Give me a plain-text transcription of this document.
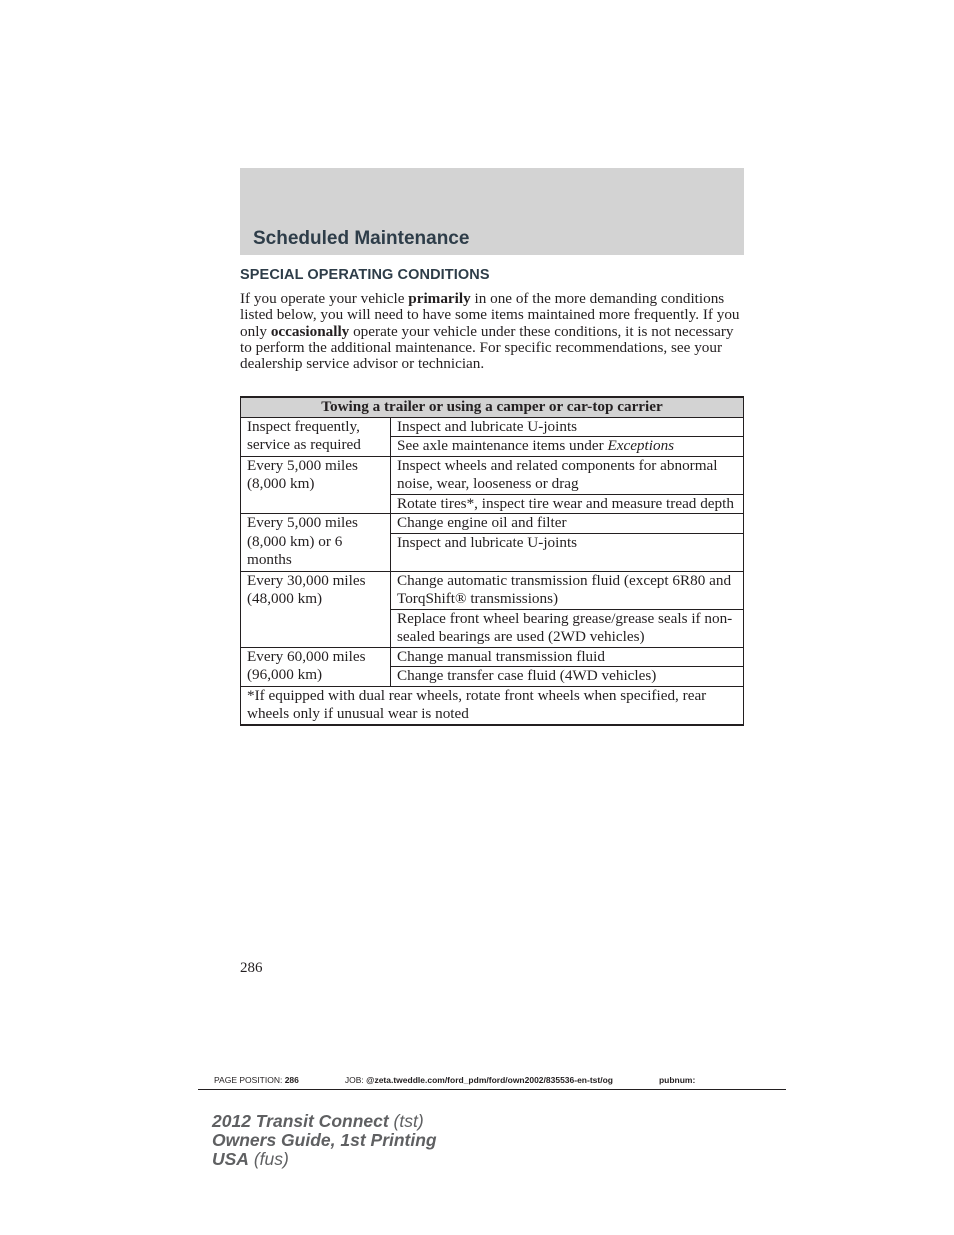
Scheduled Maintenance
SPECIAL OPERATING CONDITIONS

If you operate your vehicle primarily in one of the more demanding conditions listed below, you will need to have some items maintained more frequently. If you only occasionally operate your vehicle under these conditions, it is not necessary to perform the additional maintenance. For specific recommendations, see your dealership service advisor or technician.

Towing a trailer or using a camper or car-top carrier	
Inspect frequently, service as required	Inspect and lubricate U-joints
	See axle maintenance items under Exceptions
Every 5,000 miles (8,000 km)	Inspect wheels and related components for abnormal noise, wear, looseness or drag
	Rotate tires*, inspect tire wear and measure tread depth
Every 5,000 miles (8,000 km) or 6 months	Change engine oil and filter
	Inspect and lubricate U-joints
Every 30,000 miles (48,000 km)	Change automatic transmission fluid (except 6R80 and TorqShift® transmissions)
	Replace front wheel bearing grease/grease seals if non-sealed bearings are used (2WD vehicles)
Every 60,000 miles (96,000 km)	Change manual transmission fluid
	Change transfer case fluid (4WD vehicles)
*If equipped with dual rear wheels, rotate front wheels when specified, rear wheels only if unusual wear is noted	
286
PAGE POSITION: 286	JOB: @zeta.tweddle.com/ford_pdm/ford/own2002/835536-en-tst/og	pubnum:
2012 Transit Connect (tst)
Owners Guide, 1st Printing
USA (fus)
